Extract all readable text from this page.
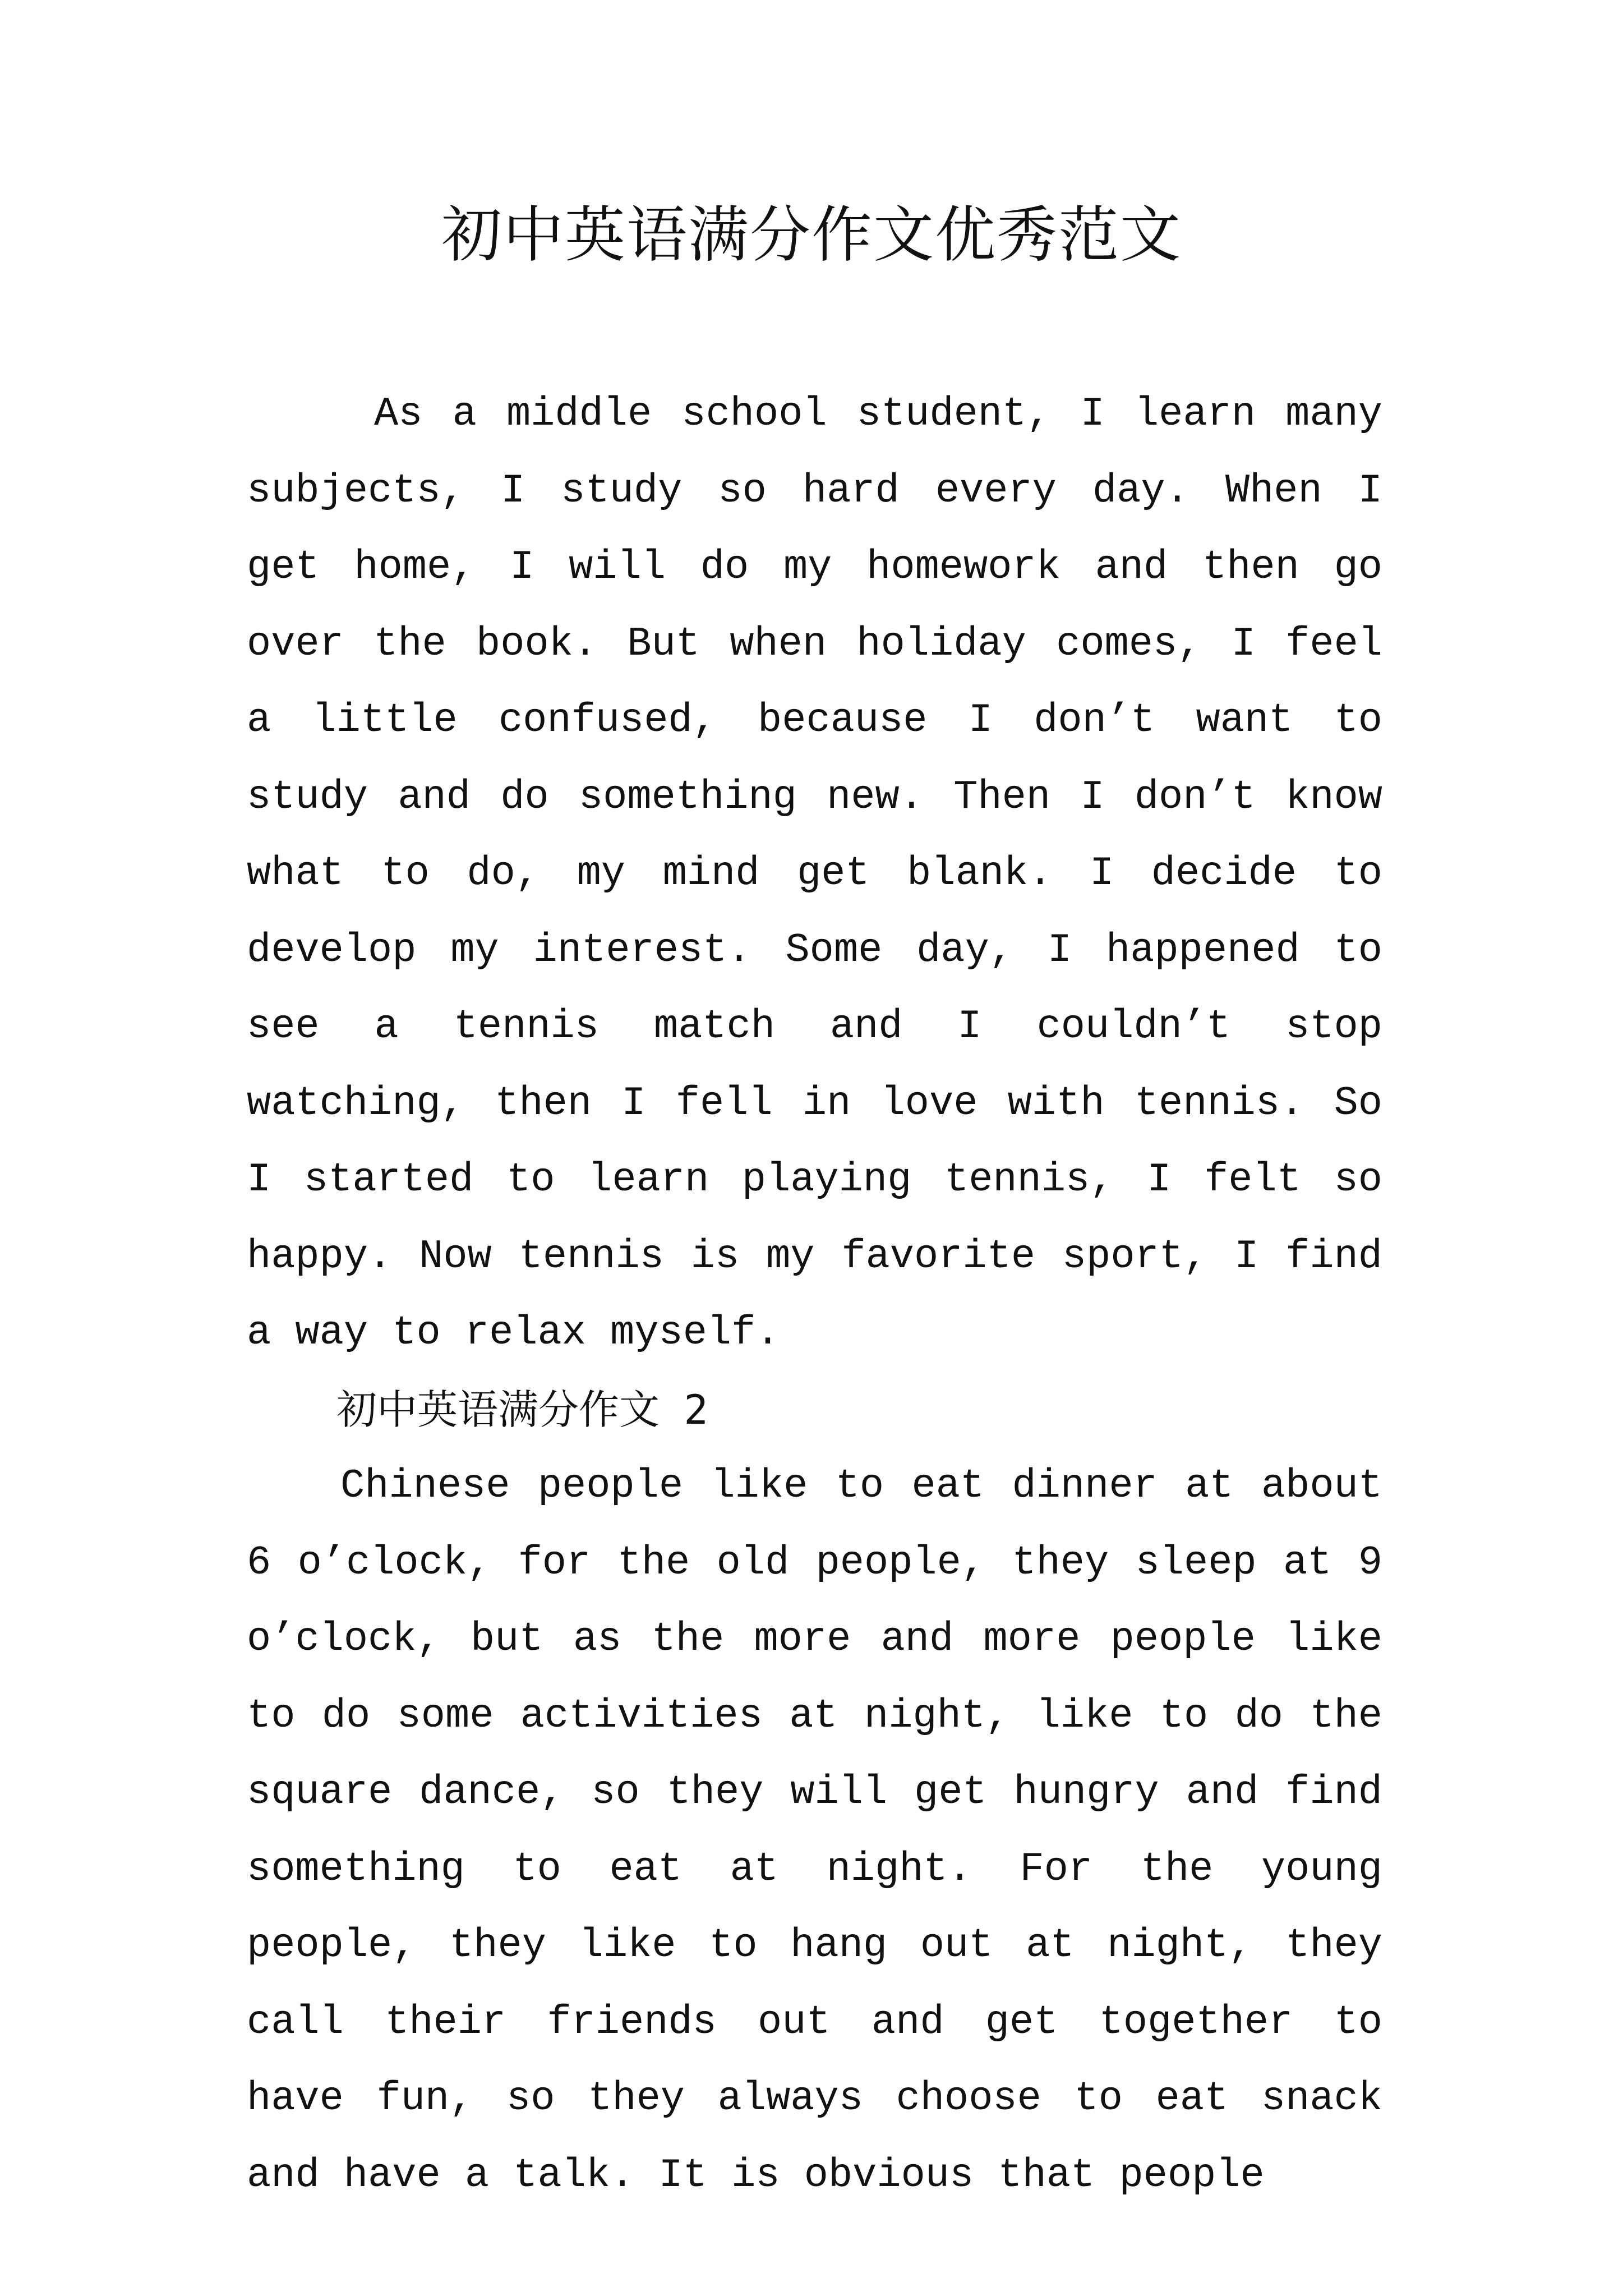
初中英语满分作文优秀范文

As a middle school student, I learn many subjects, I study so hard every day. When I get home, I will do my homework and then go over the book. But when holiday comes, I feel a little confused, because I don’t want to study and do something new. Then I don’t know what to do, my mind get blank. I decide to develop my interest. Some day, I happened to see a tennis match and I couldn’t stop watching, then I fell in love with tennis. So I started to learn playing tennis, I felt so happy. Now tennis is my favorite sport, I find a way to relax myself.

初中英语满分作文 2

Chinese people like to eat dinner at about 6 o’clock, for the old people, they sleep at 9 o’clock, but as the more and more people like to do some activities at night, like to do the square dance, so they will get hungry and find something to eat at night. For the young people, they like to hang out at night, they call their friends out and get together to have fun, so they always choose to eat snack and have a talk. It is obvious that people
